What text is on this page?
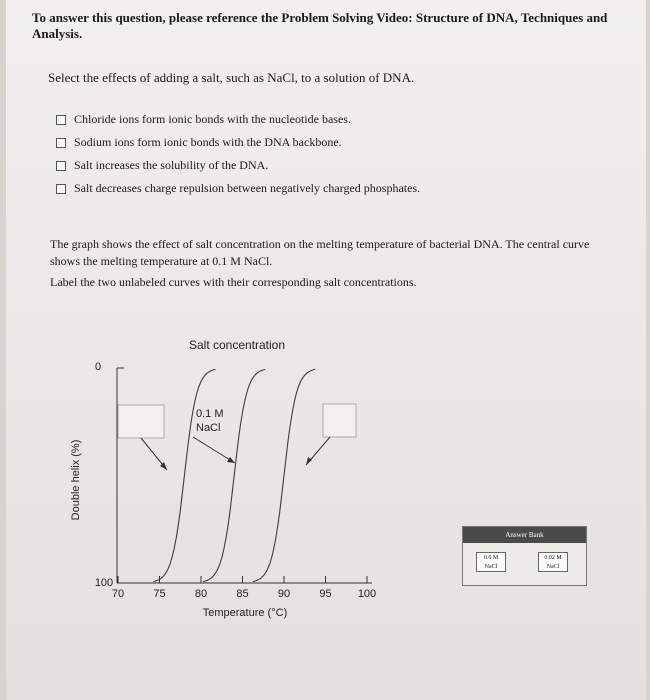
To answer this question, please reference the Problem Solving Video: Structure of DNA, Techniques and Analysis.
Select the effects of adding a salt, such as NaCl, to a solution of DNA.
Chloride ions form ionic bonds with the nucleotide bases.
Sodium ions form ionic bonds with the DNA backbone.
Salt increases the solubility of the DNA.
Salt decreases charge repulsion between negatively charged phosphates.

The graph shows the effect of salt concentration on the melting temperature of bacterial DNA. The central curve shows the melting temperature at 0.1 M NaCl.

Label the two unlabeled curves with their corresponding salt concentrations.

Salt concentration
Double helix (%)
Temperature (°C)
0
100
70	75	80	85	90	95 100
0.1 M
NaCl
Answer Bank
0.6 M
NaCl
0.02 M
NaCl
